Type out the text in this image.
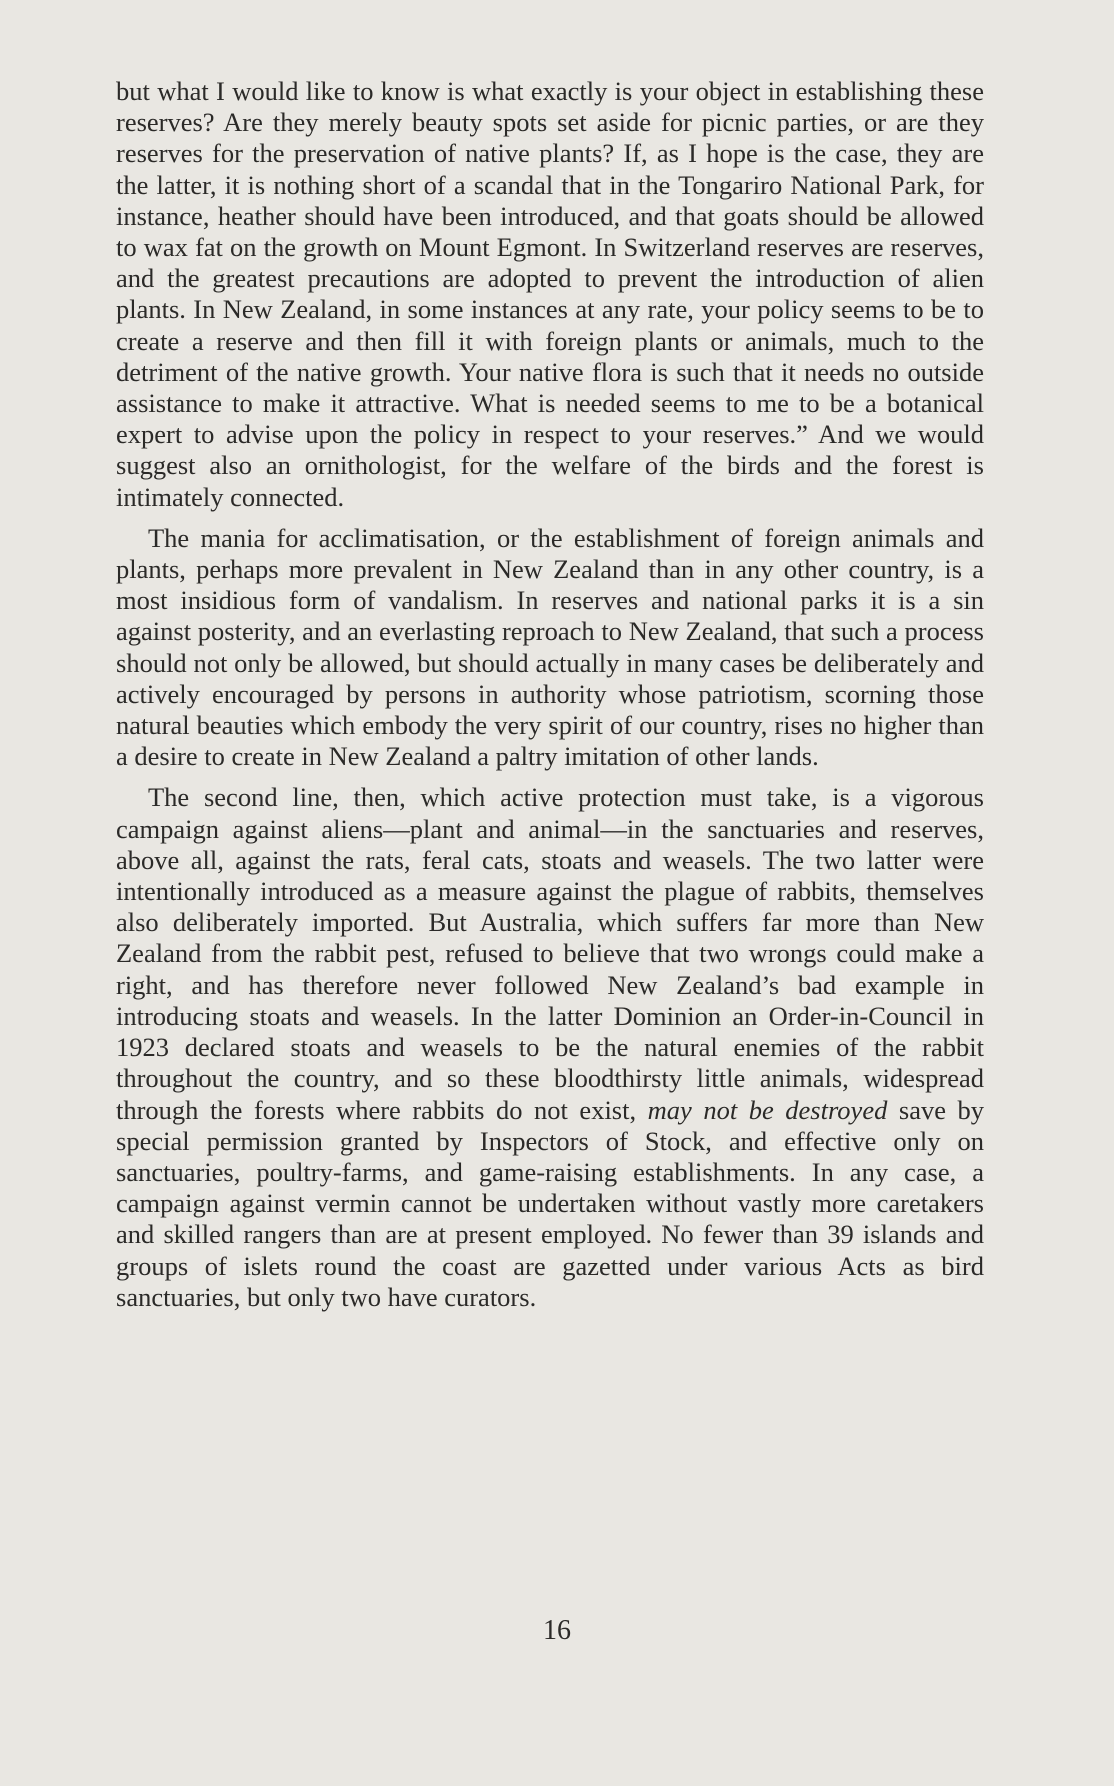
but what I would like to know is what exactly is your object in establishing these reserves? Are they merely beauty spots set aside for picnic parties, or are they reserves for the preservation of native plants? If, as I hope is the case, they are the latter, it is nothing short of a scandal that in the Tongariro National Park, for instance, heather should have been introduced, and that goats should be allowed to wax fat on the growth on Mount Egmont. In Switzerland reserves are reserves, and the greatest precautions are adopted to prevent the introduction of alien plants. In New Zealand, in some instances at any rate, your policy seems to be to create a reserve and then fill it with foreign plants or animals, much to the detriment of the native growth. Your native flora is such that it needs no outside assistance to make it attractive. What is needed seems to me to be a botanical expert to advise upon the policy in respect to your reserves.” And we would suggest also an ornithologist, for the welfare of the birds and the forest is intimately connected.

The mania for acclimatisation, or the establishment of foreign animals and plants, perhaps more prevalent in New Zealand than in any other country, is a most insidious form of vandalism. In reserves and national parks it is a sin against posterity, and an everlasting reproach to New Zealand, that such a process should not only be allowed, but should actually in many cases be deliberately and actively encouraged by persons in authority whose patriotism, scorning those natural beauties which embody the very spirit of our country, rises no higher than a desire to create in New Zealand a paltry imitation of other lands.

The second line, then, which active protection must take, is a vigorous campaign against aliens—plant and animal—in the sanctuaries and reserves, above all, against the rats, feral cats, stoats and weasels. The two latter were intentionally introduced as a measure against the plague of rabbits, themselves also deliberately imported. But Australia, which suffers far more than New Zealand from the rabbit pest, refused to believe that two wrongs could make a right, and has therefore never followed New Zealand’s bad example in introducing stoats and weasels. In the latter Dominion an Order-in-Council in 1923 declared stoats and weasels to be the natural enemies of the rabbit throughout the country, and so these bloodthirsty little animals, widespread through the forests where rabbits do not exist, may not be destroyed save by special permission granted by Inspectors of Stock, and effective only on sanctuaries, poultry-farms, and game-raising establishments. In any case, a campaign against vermin cannot be undertaken without vastly more caretakers and skilled rangers than are at present employed. No fewer than 39 islands and groups of islets round the coast are gazetted under various Acts as bird sanctuaries, but only two have curators.

16
